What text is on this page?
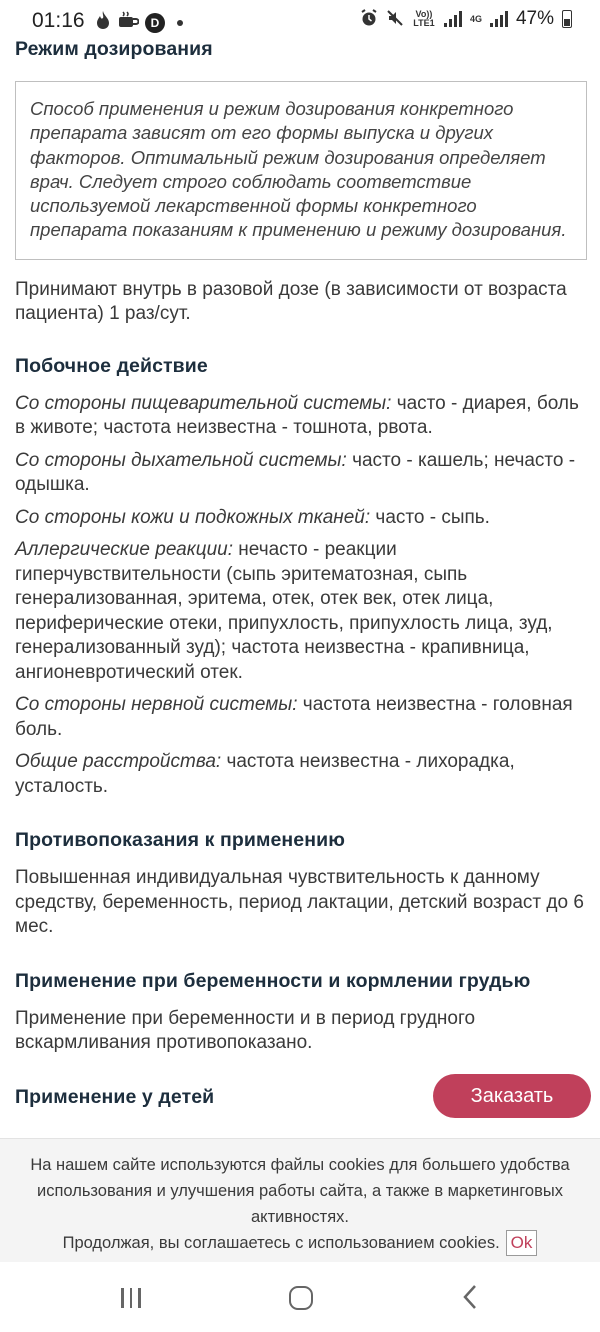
01:16	D
Vo)) LTE1	4G 47%
Режим дозирования

Способ применения и режим дозирования конкретного препарата зависят от его формы выпуска и других факторов. Оптимальный режим дозирования определяет врач. Следует строго соблюдать соответствие используемой лекарственной формы конкретного препарата показаниям к применению и режиму дозирования.

Принимают внутрь в разовой дозе (в зависимости от возраста пациента) 1 раз/сут.

Побочное действие

Со стороны пищеварительной системы: часто - диарея, боль в животе; частота неизвестна - тошнота, рвота.

Со стороны дыхательной системы: часто - кашель; нечасто - одышка.

Со стороны кожи и подкожных тканей: часто - сыпь.

Аллергические реакции: нечасто - реакции гиперчувствительности (сыпь эритематозная, сыпь генерализованная, эритема, отек, отек век, отек лица, периферические отеки, припухлость, припухлость лица, зуд, генерализованный зуд); частота неизвестна - крапивница, ангионевротический отек.

Со стороны нервной системы: частота неизвестна - головная боль.

Общие расстройства: частота неизвестна - лихорадка, усталость.

Противопоказания к применению

Повышенная индивидуальная чувствительность к данному средству, беременность, период лактации, детский возраст до 6 мес.

Применение при беременности и кормлении грудью

Применение при беременности и в период грудного вскармливания противопоказано.

Применение у детей	Заказать

На нашем сайте используются файлы cookies для большего удобства использования и улучшения работы сайта, а также в маркетинговых активностях.

Продолжая, вы соглашаетесь с использованием cookies. Ok
